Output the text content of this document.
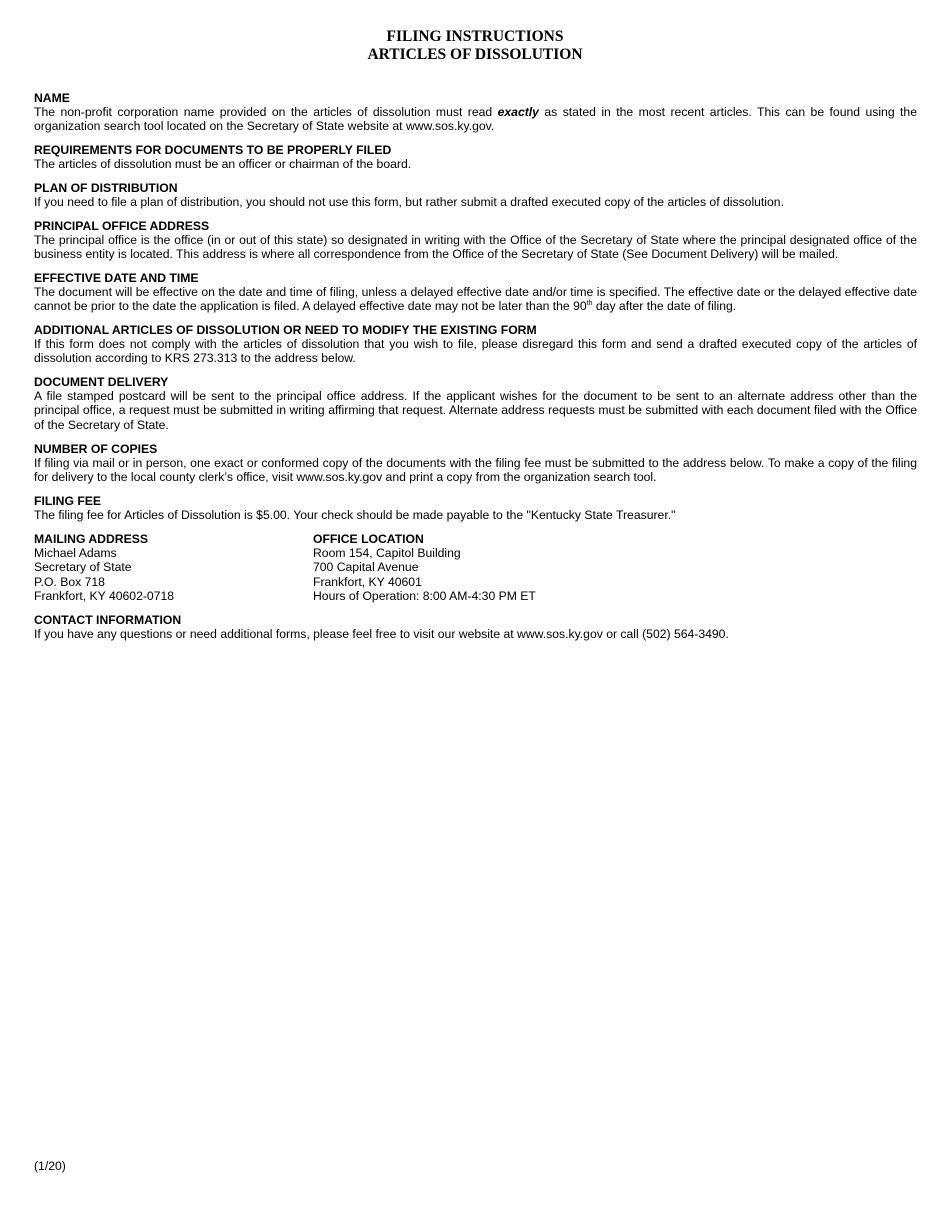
FILING INSTRUCTIONS
ARTICLES OF DISSOLUTION
NAME
The non-profit corporation name provided on the articles of dissolution must read exactly as stated in the most recent articles. This can be found using the organization search tool located on the Secretary of State website at www.sos.ky.gov.
REQUIREMENTS FOR DOCUMENTS TO BE PROPERLY FILED
The articles of dissolution must be an officer or chairman of the board.
PLAN OF DISTRIBUTION
If you need to file a plan of distribution, you should not use this form, but rather submit a drafted executed copy of the articles of dissolution.
PRINCIPAL OFFICE ADDRESS
The principal office is the office (in or out of this state) so designated in writing with the Office of the Secretary of State where the principal designated office of the business entity is located. This address is where all correspondence from the Office of the Secretary of State (See Document Delivery) will be mailed.
EFFECTIVE DATE AND TIME
The document will be effective on the date and time of filing, unless a delayed effective date and/or time is specified. The effective date or the delayed effective date cannot be prior to the date the application is filed. A delayed effective date may not be later than the 90th day after the date of filing.
ADDITIONAL ARTICLES OF DISSOLUTION OR NEED TO MODIFY THE EXISTING FORM
If this form does not comply with the articles of dissolution that you wish to file, please disregard this form and send a drafted executed copy of the articles of dissolution according to KRS 273.313 to the address below.
DOCUMENT DELIVERY
A file stamped postcard will be sent to the principal office address. If the applicant wishes for the document to be sent to an alternate address other than the principal office, a request must be submitted in writing affirming that request. Alternate address requests must be submitted with each document filed with the Office of the Secretary of State.
NUMBER OF COPIES
If filing via mail or in person, one exact or conformed copy of the documents with the filing fee must be submitted to the address below. To make a copy of the filing for delivery to the local county clerk’s office, visit www.sos.ky.gov and print a copy from the organization search tool.
FILING FEE
The filing fee for Articles of Dissolution is $5.00. Your check should be made payable to the "Kentucky State Treasurer."
MAILING ADDRESS
Michael Adams
Secretary of State
P.O. Box 718
Frankfort, KY 40602-0718
OFFICE LOCATION
Room 154, Capitol Building
700 Capital Avenue
Frankfort, KY 40601
Hours of Operation: 8:00 AM-4:30 PM ET
CONTACT INFORMATION
If you have any questions or need additional forms, please feel free to visit our website at www.sos.ky.gov or call (502) 564-3490.
(1/20)
